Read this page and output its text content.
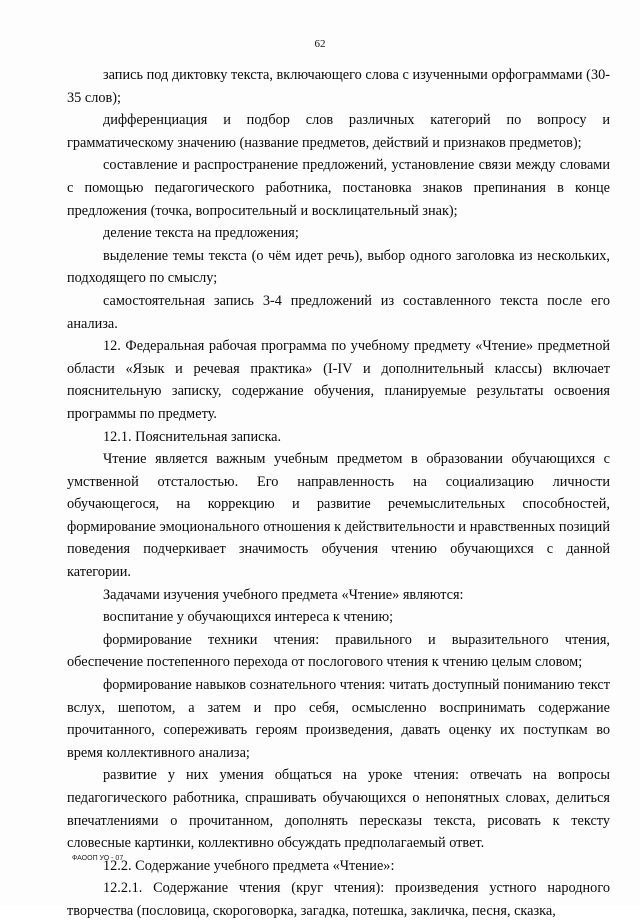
62

запись под диктовку текста, включающего слова с изученными орфограммами (30-35 слов);

дифференциация и подбор слов различных категорий по вопросу и грамматическому значению (название предметов, действий и признаков предметов);

составление и распространение предложений, установление связи между словами с помощью педагогического работника, постановка знаков препинания в конце предложения (точка, вопросительный и восклицательный знак);

деление текста на предложения;

выделение темы текста (о чём идет речь), выбор одного заголовка из нескольких, подходящего по смыслу;

самостоятельная запись 3-4 предложений из составленного текста после его анализа.

12. Федеральная рабочая программа по учебному предмету «Чтение» предметной области «Язык и речевая практика» (I-IV и дополнительный классы) включает пояснительную записку, содержание обучения, планируемые результаты освоения программы по предмету.

12.1. Пояснительная записка.

Чтение является важным учебным предметом в образовании обучающихся с умственной отсталостью. Его направленность на социализацию личности обучающегося, на коррекцию и развитие речемыслительных способностей, формирование эмоционального отношения к действительности и нравственных позиций поведения подчеркивает значимость обучения чтению обучающихся с данной категории.

Задачами изучения учебного предмета «Чтение» являются:

воспитание у обучающихся интереса к чтению;

формирование техники чтения: правильного и выразительного чтения, обеспечение постепенного перехода от послогового чтения к чтению целым словом;

формирование навыков сознательного чтения: читать доступный пониманию текст вслух, шепотом, а затем и про себя, осмысленно воспринимать содержание прочитанного, сопереживать героям произведения, давать оценку их поступкам во время коллективного анализа;

развитие у них умения общаться на уроке чтения: отвечать на вопросы педагогического работника, спрашивать обучающихся о непонятных словах, делиться впечатлениями о прочитанном, дополнять пересказы текста, рисовать к тексту словесные картинки, коллективно обсуждать предполагаемый ответ.

12.2. Содержание учебного предмета «Чтение»:

12.2.1. Содержание чтения (круг чтения): произведения устного народного творчества (пословица, скороговорка, загадка, потешка, закличка, песня, сказка,

ФАООП УО - 07
